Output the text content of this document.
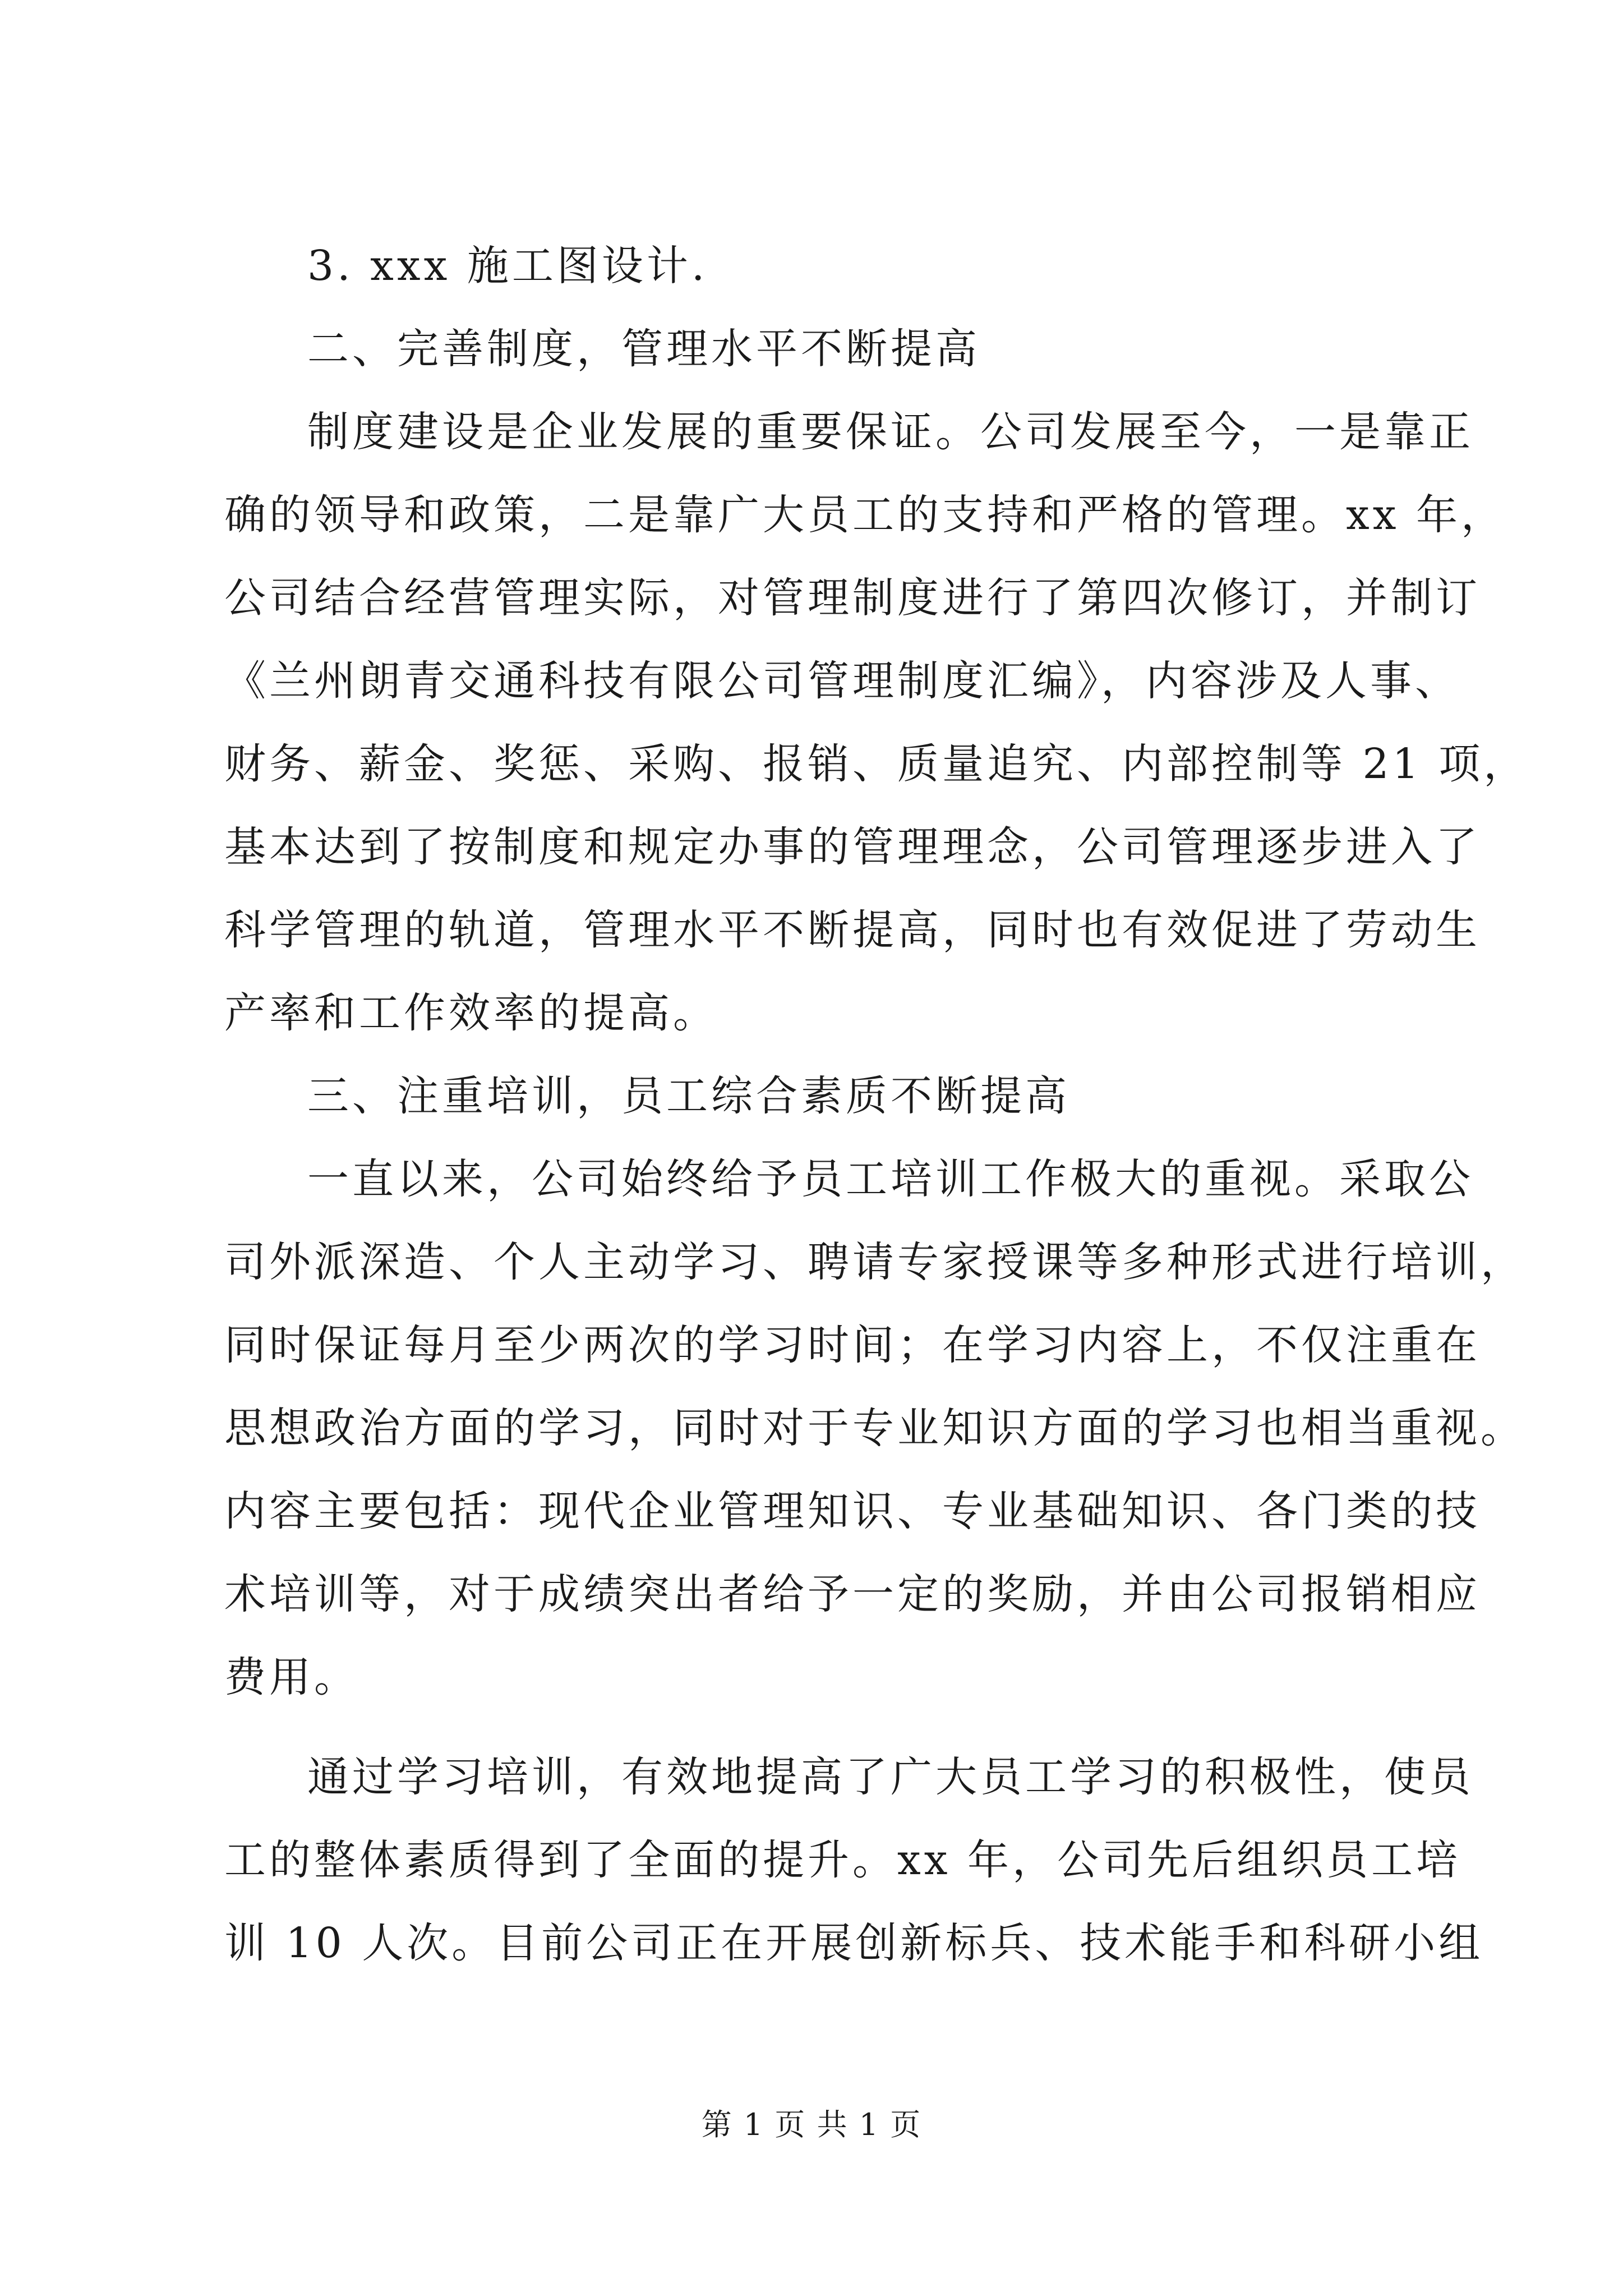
3. xxx 施工图设计.
二、完善制度，管理水平不断提高
制度建设是企业发展的重要保证。公司发展至今，一是靠正
确的领导和政策，二是靠广大员工的支持和严格的管理。xx 年，
公司结合经营管理实际，对管理制度进行了第四次修订，并制订
《兰州朗青交通科技有限公司管理制度汇编》，内容涉及人事、
财务、薪金、奖惩、采购、报销、质量追究、内部控制等 21 项，
基本达到了按制度和规定办事的管理理念，公司管理逐步进入了
科学管理的轨道，管理水平不断提高，同时也有效促进了劳动生
产率和工作效率的提高。
三、注重培训，员工综合素质不断提高
一直以来，公司始终给予员工培训工作极大的重视。采取公
司外派深造、个人主动学习、聘请专家授课等多种形式进行培训，
同时保证每月至少两次的学习时间；在学习内容上，不仅注重在
思想政治方面的学习，同时对于专业知识方面的学习也相当重视。
内容主要包括：现代企业管理知识、专业基础知识、各门类的技
术培训等，对于成绩突出者给予一定的奖励，并由公司报销相应
费用。
通过学习培训，有效地提高了广大员工学习的积极性，使员
工的整体素质得到了全面的提升。xx 年，公司先后组织员工培
训 10 人次。目前公司正在开展创新标兵、技术能手和科研小组
第 1 页 共 1 页
